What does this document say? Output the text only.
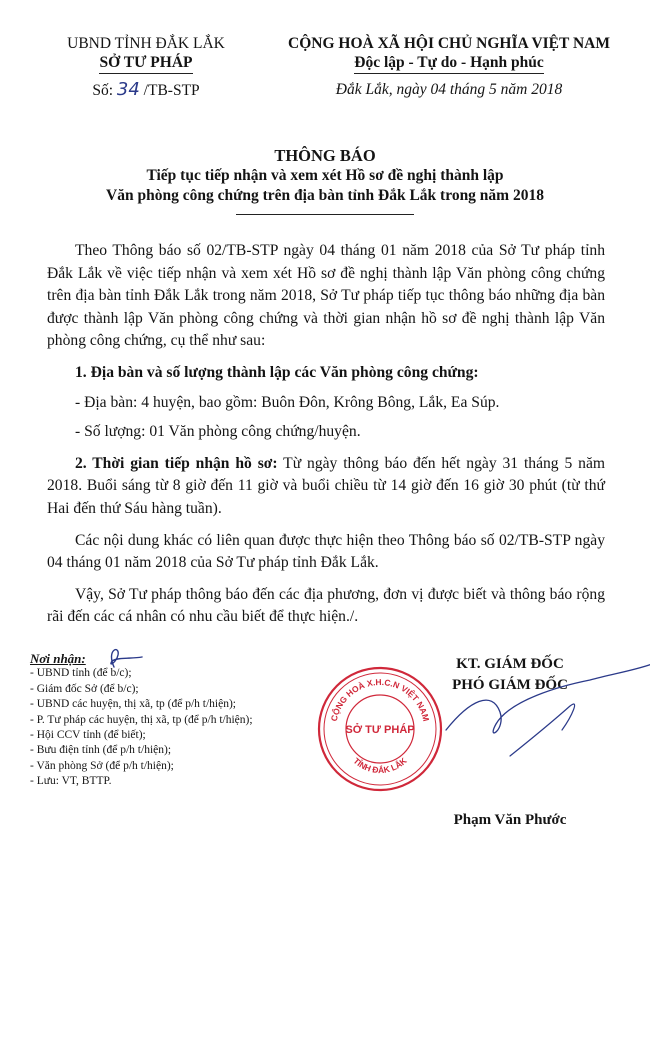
UBND TỈNH ĐẮK LẮK
SỞ TƯ PHÁP
Số: 34 /TB-STP
CỘNG HOÀ XÃ HỘI CHỦ NGHĨA VIỆT NAM
Độc lập - Tự do - Hạnh phúc
Đắk Lắk, ngày 04 tháng 5 năm 2018
THÔNG BÁO
Tiếp tục tiếp nhận và xem xét Hồ sơ đề nghị thành lập
Văn phòng công chứng trên địa bàn tỉnh Đắk Lắk trong năm 2018

Theo Thông báo số 02/TB-STP ngày 04 tháng 01 năm 2018 của Sở Tư pháp tỉnh Đắk Lắk về việc tiếp nhận và xem xét Hồ sơ đề nghị thành lập Văn phòng công chứng trên địa bàn tỉnh Đắk Lắk trong năm 2018, Sở Tư pháp tiếp tục thông báo những địa bàn được thành lập Văn phòng công chứng và thời gian nhận hồ sơ đề nghị thành lập Văn phòng công chứng, cụ thể như sau:

1. Địa bàn và số lượng thành lập các Văn phòng công chứng:

- Địa bàn: 4 huyện, bao gồm: Buôn Đôn, Krông Bông, Lắk, Ea Súp.

- Số lượng: 01 Văn phòng công chứng/huyện.

2. Thời gian tiếp nhận hồ sơ: Từ ngày thông báo đến hết ngày 31 tháng 5 năm 2018. Buổi sáng từ 8 giờ đến 11 giờ và buổi chiều từ 14 giờ đến 16 giờ 30 phút (từ thứ Hai đến thứ Sáu hàng tuần).

Các nội dung khác có liên quan được thực hiện theo Thông báo số 02/TB-STP ngày 04 tháng 01 năm 2018 của Sở Tư pháp tỉnh Đắk Lắk.

Vậy, Sở Tư pháp thông báo đến các địa phương, đơn vị được biết và thông báo rộng rãi đến các cá nhân có nhu cầu biết để thực hiện./.

Nơi nhận:
- UBND tỉnh (để b/c);
- Giám đốc Sở (để b/c);
- UBND các huyện, thị xã, tp (để p/h t/hiện);
- P. Tư pháp các huyện, thị xã, tp (để p/h t/hiện);
- Hội CCV tỉnh (để biết);
- Bưu điện tỉnh (để p/h t/hiện);
- Văn phòng Sở (để p/h t/hiện);
- Lưu: VT, BTTP.
CỘNG HOÀ X.H.C.N VIỆT NAM
TỈNH ĐẮK LẮK
SỞ TƯ PHÁP
KT. GIÁM ĐỐC
PHÓ GIÁM ĐỐC
Phạm Văn Phước
